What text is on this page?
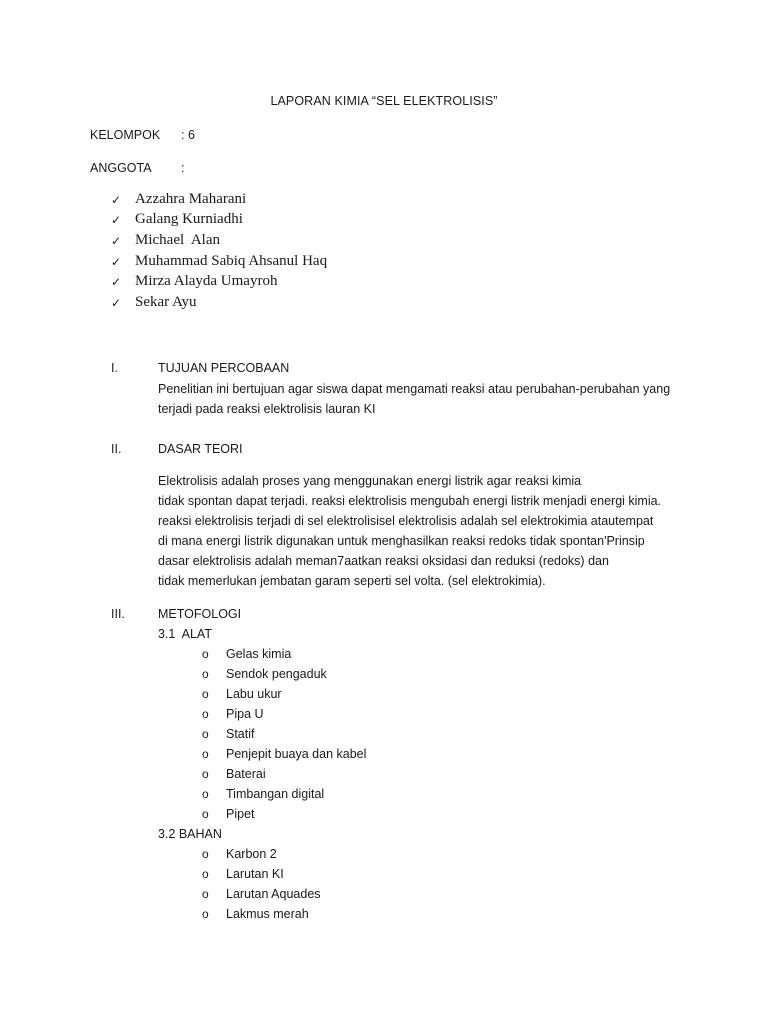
LAPORAN KIMIA “SEL ELEKTROLISIS”
KELOMPOK : 6
ANGGOTA :
✓ Azzahra Maharani
✓ Galang Kurniadhi
✓ Michael  Alan
✓ Muhammad Sabiq Ahsanul Haq
✓ Mirza Alayda Umayroh
✓ Sekar Ayu
I.	TUJUAN PERCOBAAN
Penelitian ini bertujuan agar siswa dapat mengamati reaksi atau perubahan-perubahan yang
terjadi pada reaksi elektrolisis lauran KI
II.	DASAR TEORI
Elektrolisis adalah proses yang menggunakan energi listrik agar reaksi kimia
tidak spontan dapat terjadi. reaksi elektrolisis mengubah energi listrik menjadi energi kimia.
reaksi elektrolisis terjadi di sel elektrolisisel elektrolisis adalah sel elektrokimia atautempat
di mana energi listrik digunakan untuk menghasilkan reaksi redoks tidak spontan'Prinsip
dasar elektrolisis adalah meman7aatkan reaksi oksidasi dan reduksi (redoks) dan
tidak memerlukan jembatan garam seperti sel volta. (sel elektrokimia).
III.	METOFOLOGI
3.1  ALAT
o	Gelas kimia
o	Sendok pengaduk
o	Labu ukur
o	Pipa U
o	Statif
o	Penjepit buaya dan kabel
o	Baterai
o	Timbangan digital
o	Pipet
3.2 BAHAN
o	Karbon 2
o	Larutan KI
o	Larutan Aquades
o	Lakmus merah
